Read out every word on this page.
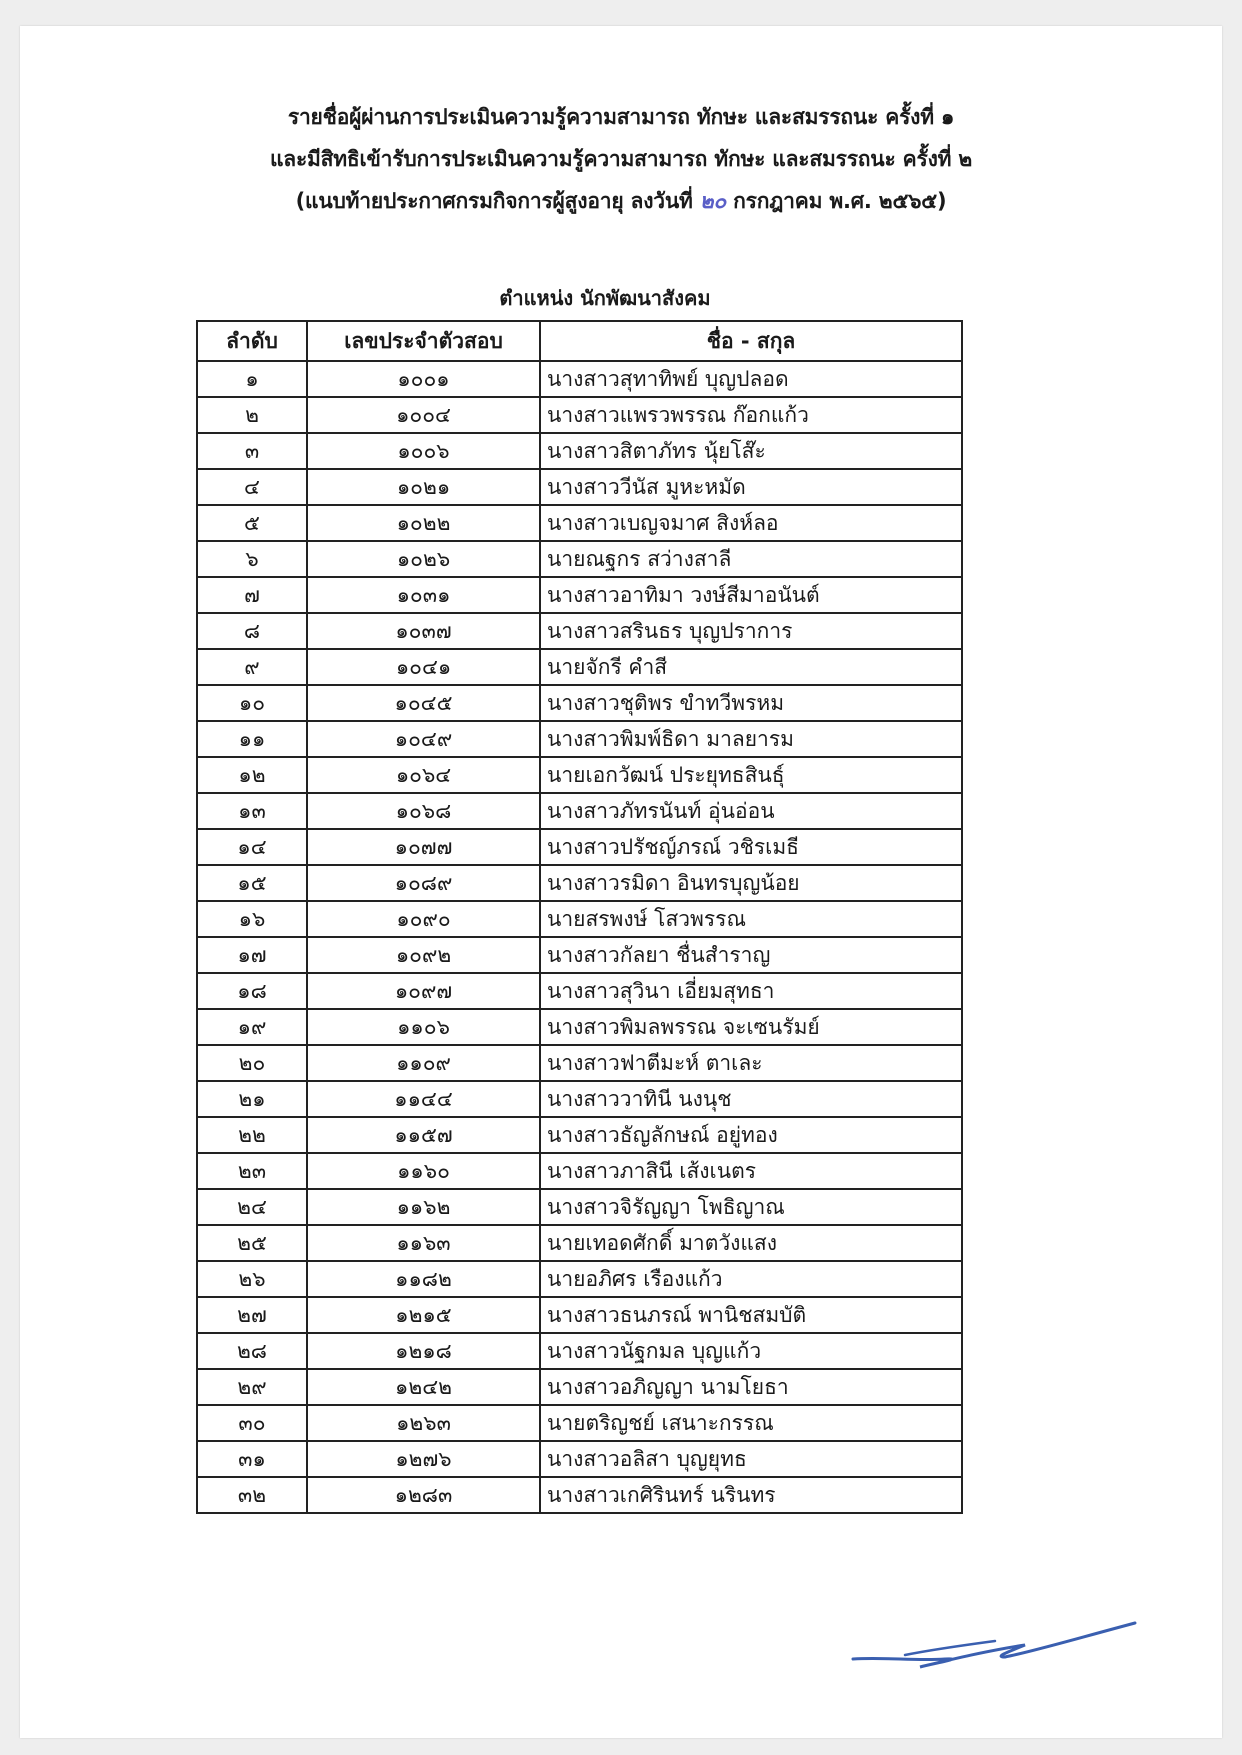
รายชื่อผู้ผ่านการประเมินความรู้ความสามารถ ทักษะ และสมรรถนะ ครั้งที่ ๑
และมีสิทธิเข้ารับการประเมินความรู้ความสามารถ ทักษะ และสมรรถนะ ครั้งที่ ๒
(แนบท้ายประกาศกรมกิจการผู้สูงอายุ ลงวันที่ ๒๐ กรกฎาคม พ.ศ. ๒๕๖๕)
ตำแหน่ง นักพัฒนาสังคม
ลำดับ	เลขประจำตัวสอบ	ชื่อ - สกุล
๑	๑๐๐๑	นางสาวสุทาทิพย์ บุญปลอด
๒	๑๐๐๔	นางสาวแพรวพรรณ ก๊อกแก้ว
๓	๑๐๐๖	นางสาวสิตาภัทร นุ้ยโส๊ะ
๔	๑๐๒๑	นางสาววีนัส มูหะหมัด
๕	๑๐๒๒	นางสาวเบญจมาศ สิงห์ลอ
๖	๑๐๒๖	นายณฐกร สว่างสาลี
๗	๑๐๓๑	นางสาวอาทิมา วงษ์สีมาอนันต์
๘	๑๐๓๗	นางสาวสรินธร บุญปราการ
๙	๑๐๔๑	นายจักรี คำสี
๑๐	๑๐๔๕	นางสาวชุติพร ขำทวีพรหม
๑๑	๑๐๔๙	นางสาวพิมพ์ธิดา มาลยารม
๑๒	๑๐๖๔	นายเอกวัฒน์ ประยุทธสินธุ์
๑๓	๑๐๖๘	นางสาวภัทรนันท์ อุ่นอ่อน
๑๔	๑๐๗๗	นางสาวปรัชญ์ภรณ์ วชิรเมธี
๑๕	๑๐๘๙	นางสาวรมิดา อินทรบุญน้อย
๑๖	๑๐๙๐	นายสรพงษ์ โสวพรรณ
๑๗	๑๐๙๒	นางสาวกัลยา ชื่นสำราญ
๑๘	๑๐๙๗	นางสาวสุวินา เอี่ยมสุทธา
๑๙	๑๑๐๖	นางสาวพิมลพรรณ จะเซนรัมย์
๒๐	๑๑๐๙	นางสาวฟาตีมะห์ ตาเละ
๒๑	๑๑๔๔	นางสาววาทินี นงนุช
๒๒	๑๑๕๗	นางสาวธัญลักษณ์ อยู่ทอง
๒๓	๑๑๖๐	นางสาวภาสินี เส้งเนตร
๒๔	๑๑๖๒	นางสาวจิรัญญา โพธิญาณ
๒๕	๑๑๖๓	นายเทอดศักดิ์ มาตวังแสง
๒๖	๑๑๘๒	นายอภิศร เรืองแก้ว
๒๗	๑๒๑๕	นางสาวธนภรณ์ พานิชสมบัติ
๒๘	๑๒๑๘	นางสาวนัฐกมล บุญแก้ว
๒๙	๑๒๔๒	นางสาวอภิญญา นามโยธา
๓๐	๑๒๖๓	นายตริญชย์ เสนาะกรรณ
๓๑	๑๒๗๖	นางสาวอลิสา บุญยุทธ
๓๒	๑๒๘๓	นางสาวเกศิรินทร์ นรินทร
